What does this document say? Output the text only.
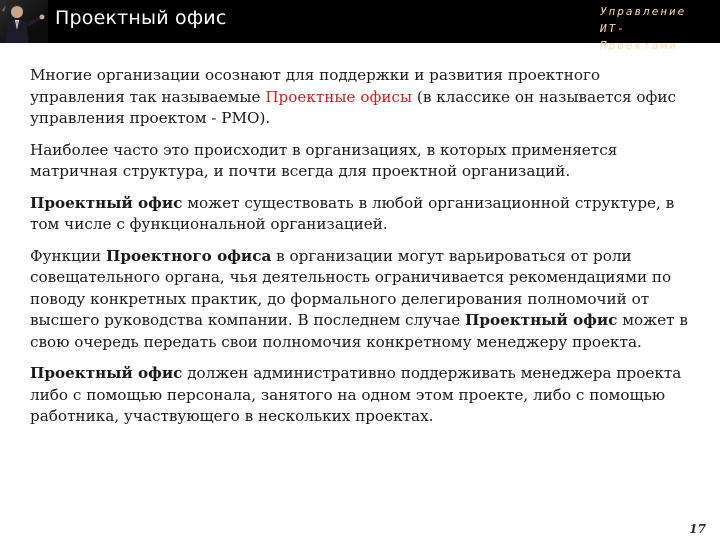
Проектный офис	Управление
ИТ- Проектами

Многие организации осознают для поддержки и развития проектного управления так называемые Проектные офисы (в классике он называется офис управления проектом - PMO).

Наиболее часто это происходит в организациях, в которых применяется матричная структура, и почти всегда для проектной организаций.

Проектный офис может существовать в любой организационной структуре, в том числе с функциональной организацией.

Функции Проектного офиса в организации могут варьироваться от роли совещательного органа, чья деятельность ограничивается рекомендациями по поводу конкретных практик, до формального делегирования полномочий от высшего руководства компании. В последнем случае Проектный офис может в свою очередь передать свои полномочия конкретному менеджеру проекта.

Проектный офис должен административно поддерживать менеджера проекта либо с помощью персонала, занятого на одном этом проекте, либо с помощью работника, участвующего в нескольких проектах.

17
